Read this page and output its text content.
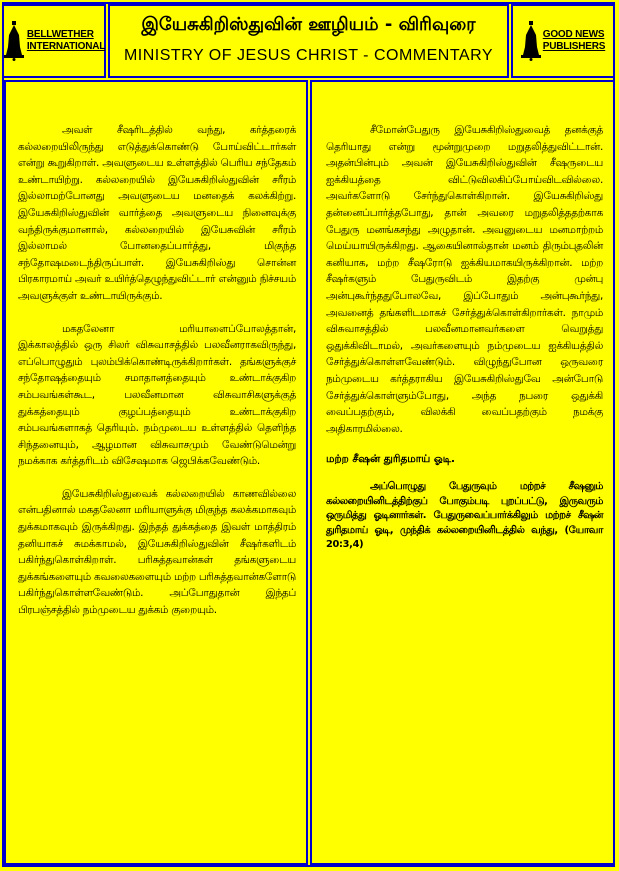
BELLWETHER
INTERNATIONAL
இயேசுகிறிஸ்துவின் ஊழியம் - விரிவுரை
MINISTRY OF JESUS CHRIST - COMMENTARY
GOOD NEWS
PUBLISHERS

அவள் சீஷரிடத்தில் வந்து, கர்த்தரைக் கல்லறையிலிருந்து எடுத்துக்கொண்டு போய்விட்டார்கள் என்று கூறுகிறாள். அவளுடைய உள்ளத்தில் பெரிய சந்தேகம் உண்டாயிற்று. கல்லறையில் இயேசுகிறிஸ்துவின் சரீரம் இல்லாமற்போனது அவளுடைய மனதைக் கலக்கிற்று. இயேசுகிறிஸ்துவின் வார்த்தை அவளுடைய நினைவுக்கு வந்திருக்குமானால், கல்லறையில் இயேசுவின் சரீரம் இல்லாமல் போனதைப்பார்த்து, மிகுந்த சந்தோஷமடைந்திருப்பாள். இயேசுகிறிஸ்து சொன்ன பிரகாரமாய் அவர் உயிர்த்தெழுந்துவிட்டார் என்னும் நிச்சயம் அவளுக்குள் உண்டாயிருக்கும்.

மகதலேனா மரியாளைப்போலத்தான், இக்காலத்தில் ஒரு சிலர் விசுவாசத்தில் பலவீனராகவிருந்து, எப்பொழுதும் புலம்பிக்கொண்டிருக்கிறார்கள். தங்களுக்குச் சந்தோஷத்தையும் சமாதானத்தையும் உண்டாக்குகிற சம்பவங்கள்கூட, பலவீனமான விசுவாசிகளுக்குத் துக்கத்தையும் குழப்பத்தையும் உண்டாக்குகிற சம்பவங்களாகத் தெரியும். நம்முடைய உள்ளத்தில் தெளிந்த சிந்தனையும், ஆழமான விசுவாசமும் வேண்டுமென்று நமக்காக கர்த்தரிடம் விசேஷமாக ஜெபிக்கவேண்டும்.

இயேசுகிறிஸ்துவைக் கல்லறையில் காணவில்லை என்பதினால் மகதலேனா மரியாளுக்கு மிகுந்த கலக்கமாகவும் துக்கமாகவும் இருக்கிறது. இந்தத் துக்கத்தை இவள் மாத்திரம் தனியாகச் சுமக்காமல், இயேசுகிறிஸ்துவின் சீஷர்களிடம் பகிர்ந்துகொள்கிறாள். பரிசுத்தவான்கள் தங்களுடைய துக்கங்களையும் கவலைகளையும் மற்ற பரிசுத்தவான்களோடு பகிர்ந்துகொள்ளவேண்டும். அப்போதுதான் இந்தப் பிரபஞ்சத்தில் நம்முடைய துக்கம் குறையும்.

சீமோன்பேதுரு இயேசுகிறிஸ்துவைத் தனக்குத் தெரியாது என்று மூன்றுமுறை மறுதலித்துவிட்டான். அதன்பின்பும் அவன் இயேசுகிறிஸ்துவின் சீஷருடைய ஐக்கியத்தை விட்டுவிலகிப்போய்விடவில்லை. அவர்களோடு சேர்ந்துகொள்கிறான். இயேசுகிறிஸ்து தன்னைப்பார்த்தபோது, தான் அவரை மறுதலித்ததற்காக பேதுரு மனங்கசந்து அழுதான். அவனுடைய மனமாற்றம் மெய்யாயிருக்கிறது. ஆகையினால்தான் மனம் திரும்புதலின் கனியாக, மற்ற சீஷரோடு ஐக்கியமாகயிருக்கிறான். மற்ற சீஷர்களும் பேதுருவிடம் இதற்கு முன்பு அன்புகூர்ந்ததுபோலவே, இப்போதும் அன்புகூர்ந்து, அவனைத் தங்களிடமாகச் சேர்த்துக்கொள்கிறார்கள். நாமும் விசுவாசத்தில் பலவீனமானவர்களை வெறுத்து ஒதுக்கிவிடாமல், அவர்களையும் நம்முடைய ஐக்கியத்தில் சேர்த்துக்கொள்ளவேண்டும். விழுந்துபோன ஒருவரை நம்முடைய கர்த்தராகிய இயேசுகிறிஸ்துவே அன்போடு சேர்த்துக்கொள்ளும்போது, அந்த நபரை ஒதுக்கி வைப்பதற்கும், விலக்கி வைப்பதற்கும் நமக்கு அதிகாரமில்லை.

மற்ற சீஷன் துரிதமாய் ஓடி.

அப்பொழுது பேதுருவும் மற்றச் சீஷனும் கல்லறையினிடத்திற்குப் போகும்படி புறப்பட்டு, இருவரும் ஒருமித்து ஓடினார்கள். பேதுருவைப்பார்க்கிலும் மற்றச் சீஷன் துரிதமாய் ஓடி, முந்திக் கல்லறையினிடத்தில் வந்து, (யோவா 20:3,4)
